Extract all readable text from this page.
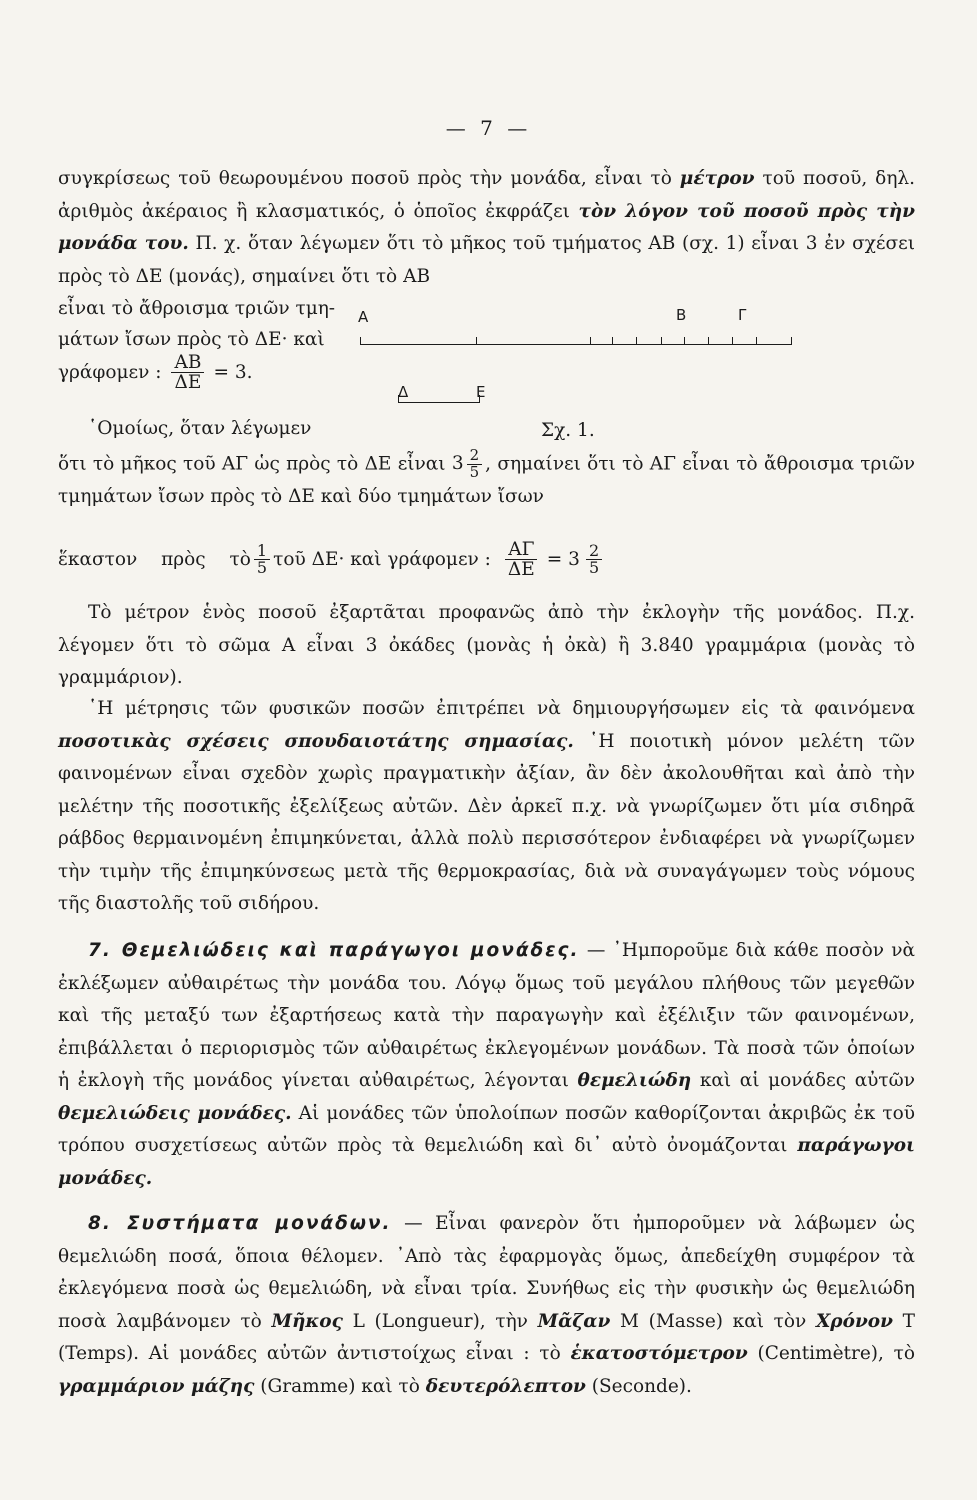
— 7 —

συγκρίσεως τοῦ θεωρουμένου ποσοῦ πρὸς τὴν μονάδα, εἶναι τὸ μέτρον τοῦ ποσοῦ, δηλ. ἀριθμὸς ἀκέραιος ἢ κλασματικός, ὁ ὁποῖος ἐκφράζει τὸν λόγον τοῦ ποσοῦ πρὸς τὴν μονάδα του. Π. χ. ὅταν λέγωμεν ὅτι τὸ μῆκος τοῦ τμήματος ΑΒ (σχ. 1) εἶναι 3 ἐν σχέσει πρὸς τὸ ΔΕ (μονάς), σημαίνει ὅτι τὸ ΑΒ

εἶναι τὸ ἄθροισμα τριῶν τμη-
μάτων ἴσων πρὸς τὸ ΔΕ· καὶ
γράφομεν : $\frac{AB}{\Delta E} = 3$.
῾Ομοίως, ὅταν λέγωμεν
Α	Β	Γ
Δ	Ε
Σχ. 1.
ὅτι τὸ μῆκος τοῦ ΑΓ ὡς πρὸς τὸ ΔΕ εἶναι $3 \frac{2}{5}$ , σημαίνει ὅτι τὸ ΑΓ εἶναι τὸ ἄθροισμα τριῶν τμημάτων ἴσων πρὸς τὸ ΔΕ καὶ δύο τμημάτων ἴσων
ἕκαστον πρὸς τὸ $\frac{1}{5}$ τοῦ ΔΕ· καὶ γράφομεν : $\frac{A\Gamma}{\Delta E} = 3 \frac{2}{5}$

Τὸ μέτρον ἑνὸς ποσοῦ ἐξαρτᾶται προφανῶς ἀπὸ τὴν ἐκλογὴν τῆς μονάδος. Π.χ. λέγομεν ὅτι τὸ σῶμα Α εἶναι 3 ὀκάδες (μονὰς ἡ ὀκὰ) ἢ 3.840 γραμμάρια (μονὰς τὸ γραμμάριον).

῾Η μέτρησις τῶν φυσικῶν ποσῶν ἐπιτρέπει νὰ δημιουργήσωμεν εἰς τὰ φαινόμενα ποσοτικὰς σχέσεις σπουδαιοτάτης σημασίας. ῾Η ποιοτικὴ μόνον μελέτη τῶν φαινομένων εἶναι σχεδὸν χωρὶς πραγματικὴν ἀξίαν, ἂν δὲν ἀκολουθῆται καὶ ἀπὸ τὴν μελέτην τῆς ποσοτικῆς ἐξελίξεως αὐτῶν. Δὲν ἀρκεῖ π.χ. νὰ γνωρίζωμεν ὅτι μία σιδηρᾶ ράβδος θερμαινομένη ἐπιμηκύνεται, ἀλλὰ πολὺ περισσότερον ἐνδιαφέρει νὰ γνωρίζωμεν τὴν τιμὴν τῆς ἐπιμηκύνσεως μετὰ τῆς θερμοκρασίας, διὰ νὰ συναγάγωμεν τοὺς νόμους τῆς διαστολῆς τοῦ σιδήρου.

7. Θεμελιώδεις καὶ παράγωγοι μονάδες. — ᾿Ημποροῦμε διὰ κάθε ποσὸν νὰ ἐκλέξωμεν αὐθαιρέτως τὴν μονάδα του. Λόγῳ ὅμως τοῦ μεγάλου πλήθους τῶν μεγεθῶν καὶ τῆς μεταξύ των ἐξαρτήσεως κατὰ τὴν παραγωγὴν καὶ ἐξέλιξιν τῶν φαινομένων, ἐπιβάλλεται ὁ περιορισμὸς τῶν αὐθαιρέτως ἐκλεγομένων μονάδων. Τὰ ποσὰ τῶν ὁποίων ἡ ἐκλογὴ τῆς μονάδος γίνεται αὐθαιρέτως, λέγονται θεμελιώδη καὶ αἱ μονάδες αὐτῶν θεμελιώδεις μονάδες. Αἱ μονάδες τῶν ὑπολοίπων ποσῶν καθορίζονται ἀκριβῶς ἐκ τοῦ τρόπου συσχετίσεως αὐτῶν πρὸς τὰ θεμελιώδη καὶ δι᾽ αὐτὸ ὀνομάζονται παράγωγοι μονάδες.

8. Συστήματα μονάδων. — Εἶναι φανερὸν ὅτι ἠμποροῦμεν νὰ λάβωμεν ὡς θεμελιώδη ποσά, ὅποια θέλομεν. ᾿Απὸ τὰς ἐφαρμογὰς ὅμως, ἀπεδείχθη συμφέρον τὰ ἐκλεγόμενα ποσὰ ὡς θεμελιώδη, νὰ εἶναι τρία. Συνήθως εἰς τὴν φυσικὴν ὡς θεμελιώδη ποσὰ λαμβάνομεν τὸ Μῆκος L (Longueur), τὴν Μᾶζαν M (Masse) καὶ τὸν Χρόνον T (Temps). Αἱ μονάδες αὐτῶν ἀντιστοίχως εἶναι : τὸ ἑκατοστόμετρον (Centimètre), τὸ γραμμάριον μάζης (Gramme) καὶ τὸ δευτερόλεπτον (Seconde).
